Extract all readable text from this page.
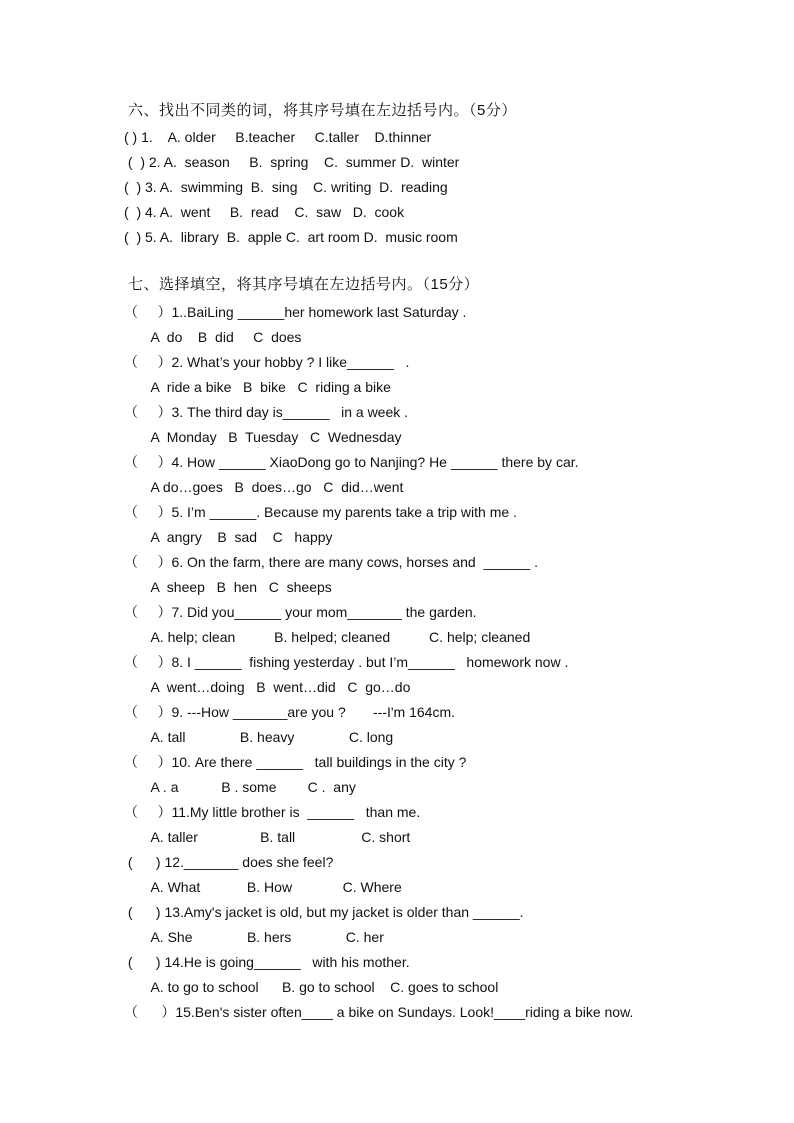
六、找出不同类的词，将其序号填在左边括号内。（5分）
( ) 1.    A. older     B.teacher     C.taller    D.thinner
(  ) 2. A.  season     B.  spring    C.  summer D.  winter
(  ) 3. A.  swimming  B.  sing    C. writing  D.  reading
(  ) 4. A.  went     B.  read    C.  saw   D.  cook
(  ) 5. A.  library  B.  apple C.  art room D.  music room
七、选择填空，将其序号填在左边括号内。（15分）
（     ）1..BaiLing ______her homework last Saturday .
A  do    B  did     C  does
（     ）2. What’s your hobby ? I like______   .
A  ride a bike   B  bike   C  riding a bike
（     ）3. The third day is______   in a week .
A  Monday   B  Tuesday   C  Wednesday
（     ）4. How ______ XiaoDong go to Nanjing? He ______ there by car.
A do…goes   B  does…go   C  did…went
（     ）5. I’m ______. Because my parents take a trip with me .
A  angry    B  sad    C   happy
（     ）6. On the farm, there are many cows, horses and  ______ .
A  sheep   B  hen   C  sheeps
（     ）7. Did you______ your mom_______ the garden.
A. help; clean          B. helped; cleaned          C. help; cleaned
（     ）8. I ______  fishing yesterday . but I’m______   homework now .
A  went…doing   B  went…did   C  go…do
（     ）9. ---How _______are you ?       ---I'm 164cm.
A. tall              B. heavy              C. long
（     ）10. Are there ______   tall buildings in the city ?
A . a           B . some        C .  any
（     ）11.My little brother is  ______   than me.
A. taller                B. tall                 C. short
(      ) 12._______ does she feel?
A. What            B. How             C. Where
(      ) 13.Amy's jacket is old, but my jacket is older than ______.
A. She              B. hers              C. her
(      ) 14.He is going______   with his mother.
A. to go to school      B. go to school    C. goes to school
（      ）15.Ben's sister often____ a bike on Sundays. Look!____riding a bike now.
